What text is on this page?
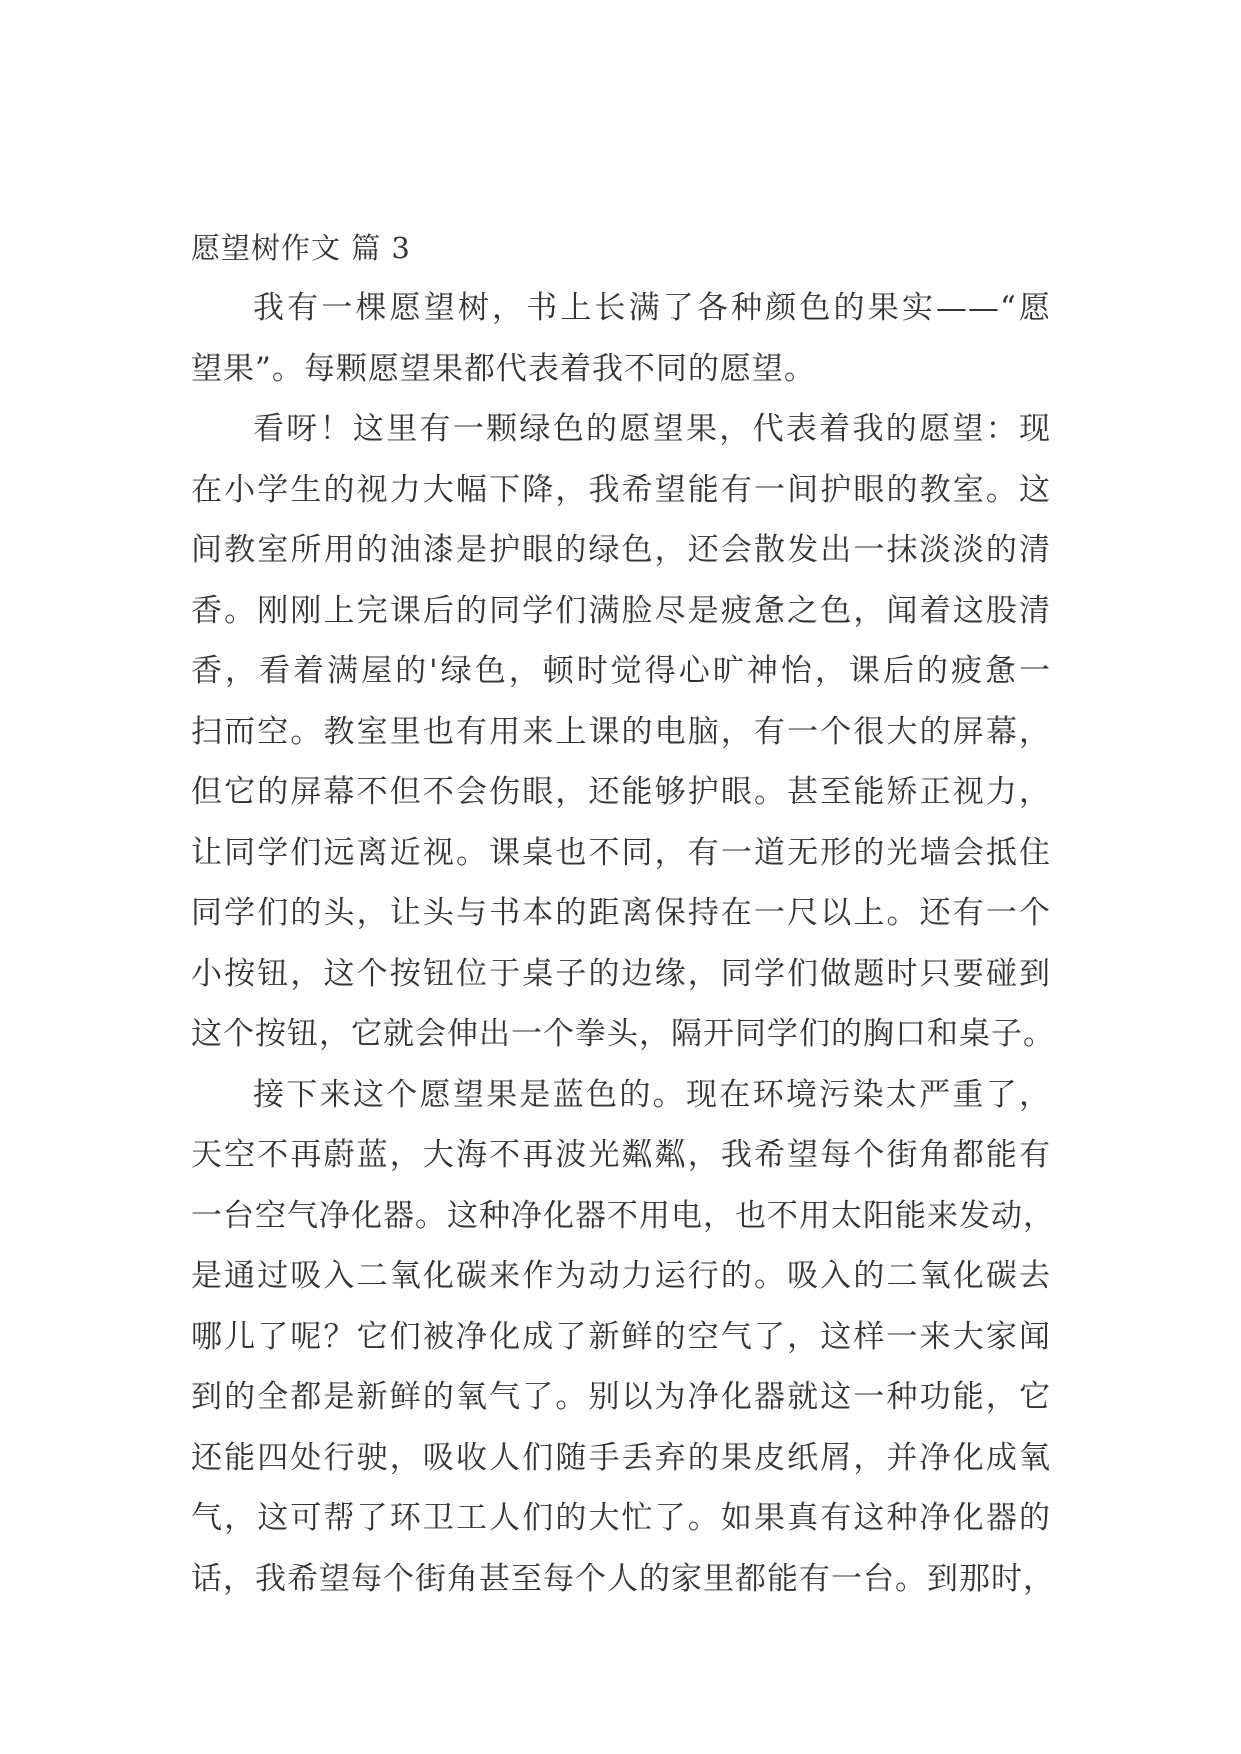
愿望树作文 篇 3
我有一棵愿望树，书上长满了各种颜色的果实——“愿
望果”。每颗愿望果都代表着我不同的愿望。
看呀！这里有一颗绿色的愿望果，代表着我的愿望：现
在小学生的视力大幅下降，我希望能有一间护眼的教室。这
间教室所用的油漆是护眼的绿色，还会散发出一抹淡淡的清
香。刚刚上完课后的同学们满脸尽是疲惫之色，闻着这股清
香，看着满屋的'绿色，顿时觉得心旷神怡，课后的疲惫一
扫而空。教室里也有用来上课的电脑，有一个很大的屏幕，
但它的屏幕不但不会伤眼，还能够护眼。甚至能矫正视力，
让同学们远离近视。课桌也不同，有一道无形的光墙会抵住
同学们的头，让头与书本的距离保持在一尺以上。还有一个
小按钮，这个按钮位于桌子的边缘，同学们做题时只要碰到
这个按钮，它就会伸出一个拳头，隔开同学们的胸口和桌子。
接下来这个愿望果是蓝色的。现在环境污染太严重了，
天空不再蔚蓝，大海不再波光粼粼，我希望每个街角都能有
一台空气净化器。这种净化器不用电，也不用太阳能来发动，
是通过吸入二氧化碳来作为动力运行的。吸入的二氧化碳去
哪儿了呢？它们被净化成了新鲜的空气了，这样一来大家闻
到的全都是新鲜的氧气了。别以为净化器就这一种功能，它
还能四处行驶，吸收人们随手丢弃的果皮纸屑，并净化成氧
气，这可帮了环卫工人们的大忙了。如果真有这种净化器的
话，我希望每个街角甚至每个人的家里都能有一台。到那时，
